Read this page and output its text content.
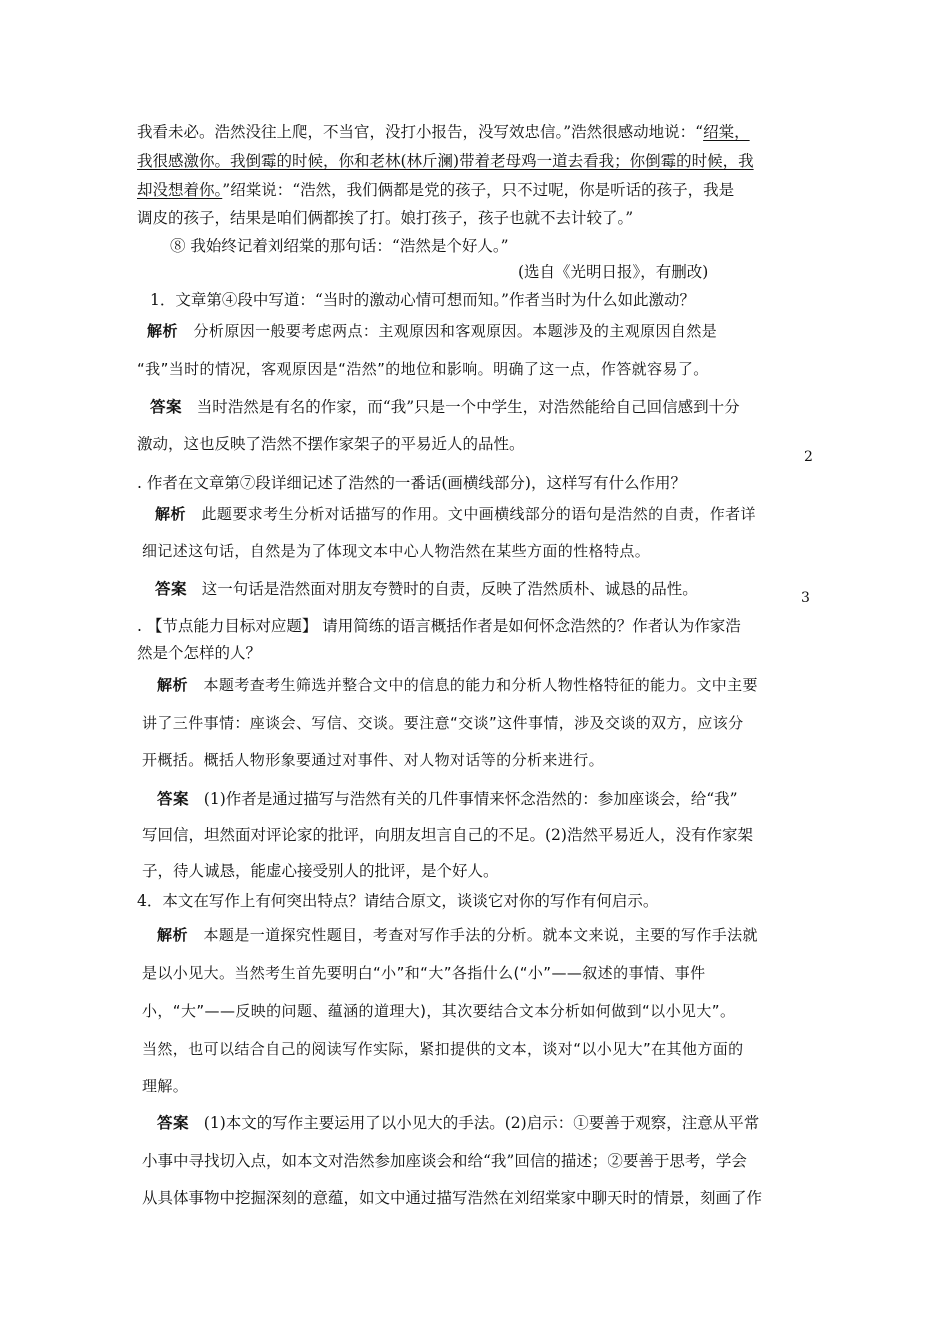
我看未必。浩然没往上爬，不当官，没打小报告，没写效忠信。”浩然很感动地说：“绍棠，
我很感激你。我倒霉的时候，你和老林(林斤澜)带着老母鸡一道去看我；你倒霉的时候，我
却没想着你。”绍棠说：“浩然，我们俩都是党的孩子，只不过呢，你是听话的孩子，我是
调皮的孩子，结果是咱们俩都挨了打。娘打孩子，孩子也就不去计较了。”
⑧ 我始终记着刘绍棠的那句话：“浩然是个好人。”
(选自《光明日报》，有删改)
1．文章第④段中写道：“当时的激动心情可想而知。”作者当时为什么如此激动？
解析 分析原因一般要考虑两点：主观原因和客观原因。本题涉及的主观原因自然是
“我”当时的情况，客观原因是“浩然”的地位和影响。明确了这一点，作答就容易了。
答案 当时浩然是有名的作家，而“我”只是一个中学生，对浩然能给自己回信感到十分
激动，这也反映了浩然不摆作家架子的平易近人的品性。
2
. 作者在文章第⑦段详细记述了浩然的一番话(画横线部分)，这样写有什么作用？
解析 此题要求考生分析对话描写的作用。文中画横线部分的语句是浩然的自责，作者详
细记述这句话，自然是为了体现文本中心人物浩然在某些方面的性格特点。
答案 这一句话是浩然面对朋友夸赞时的自责，反映了浩然质朴、诚恳的品性。	3
. 【节点能力目标对应题】 请用简练的语言概括作者是如何怀念浩然的？作者认为作家浩
然是个怎样的人？
解析 本题考查考生筛选并整合文中的信息的能力和分析人物性格特征的能力。文中主要
讲了三件事情：座谈会、写信、交谈。要注意“交谈”这件事情，涉及交谈的双方，应该分
开概括。概括人物形象要通过对事件、对人物对话等的分析来进行。
答案 (1)作者是通过描写与浩然有关的几件事情来怀念浩然的：参加座谈会，给“我”
写回信，坦然面对评论家的批评，向朋友坦言自己的不足。(2)浩然平易近人，没有作家架
子，待人诚恳，能虚心接受别人的批评，是个好人。
4．本文在写作上有何突出特点？请结合原文，谈谈它对你的写作有何启示。
解析 本题是一道探究性题目，考查对写作手法的分析。就本文来说，主要的写作手法就
是以小见大。当然考生首先要明白“小”和“大”各指什么(“小”——叙述的事情、事件
小，“大”——反映的问题、蕴涵的道理大)，其次要结合文本分析如何做到“以小见大”。
当然，也可以结合自己的阅读写作实际，紧扣提供的文本，谈对“以小见大”在其他方面的
理解。
答案 (1)本文的写作主要运用了以小见大的手法。(2)启示：①要善于观察，注意从平常
小事中寻找切入点，如本文对浩然参加座谈会和给“我”回信的描述；②要善于思考，学会
从具体事物中挖掘深刻的意蕴，如文中通过描写浩然在刘绍棠家中聊天时的情景，刻画了作
